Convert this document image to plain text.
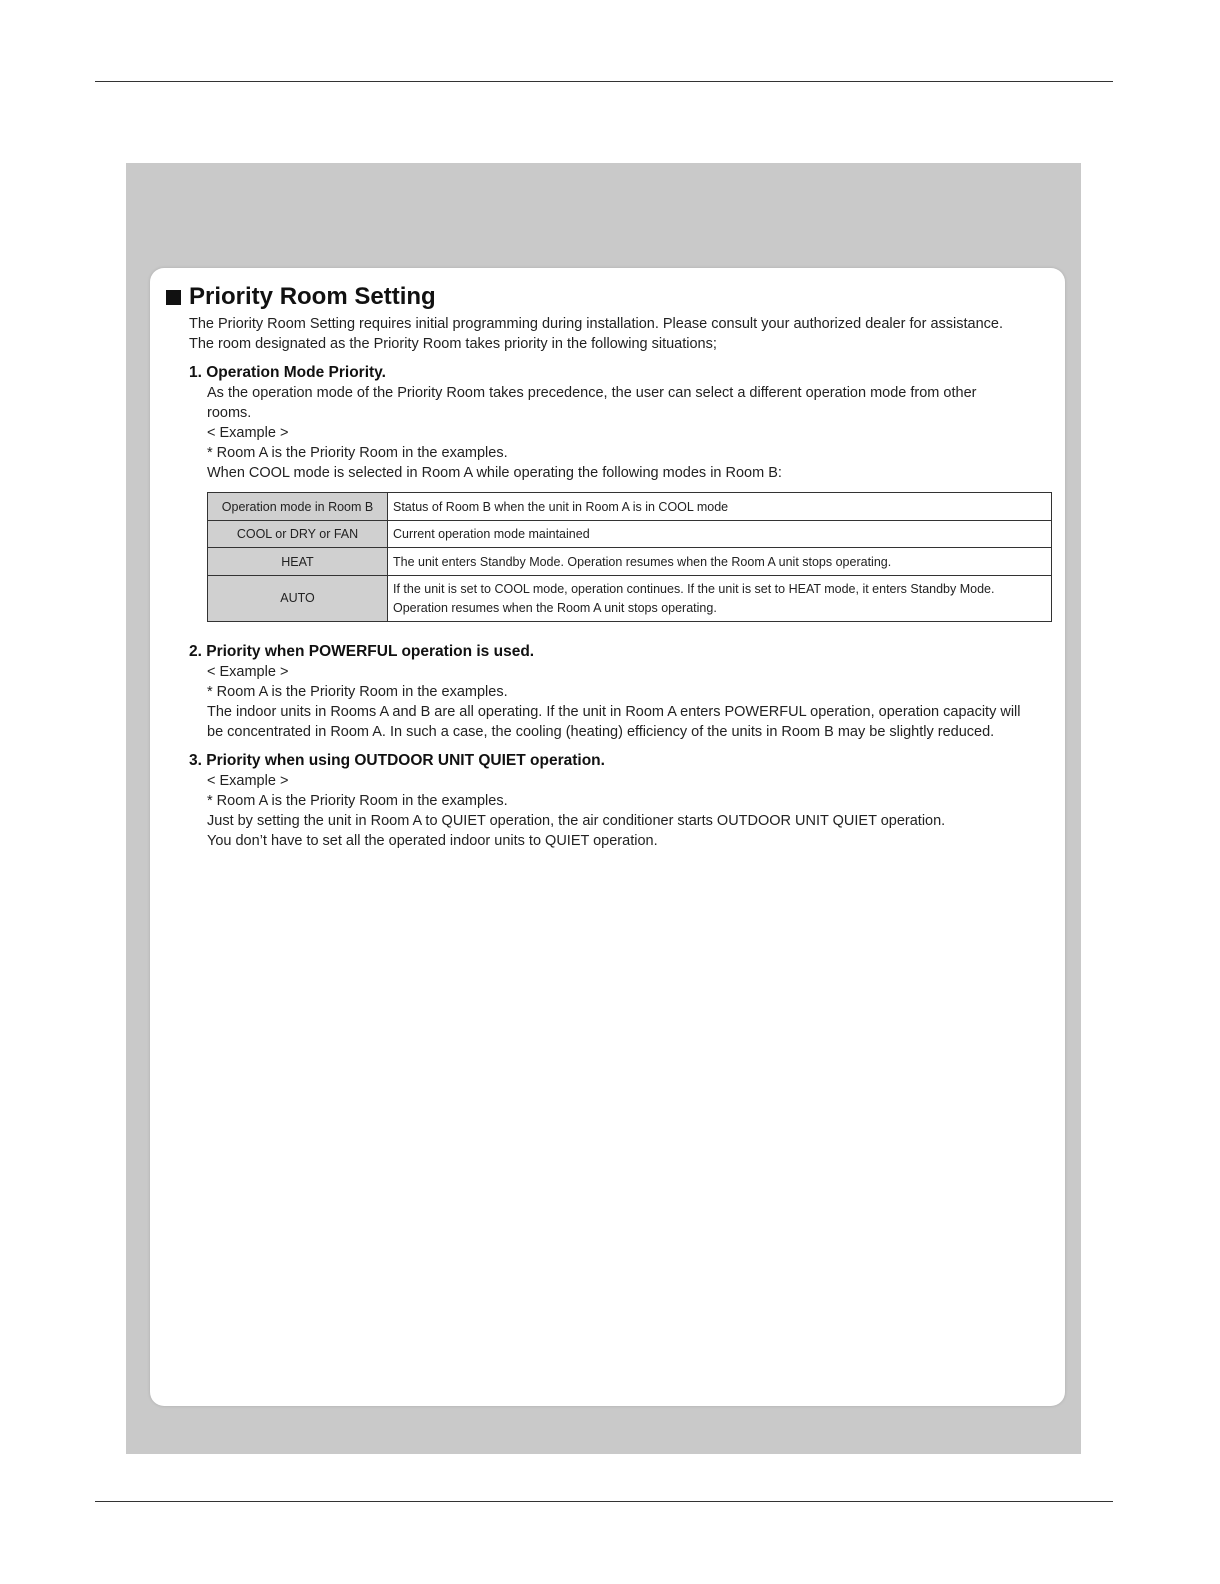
Priority Room Setting
The Priority Room Setting requires initial programming during installation. Please consult your authorized dealer for assistance.
The room designated as the Priority Room takes priority in the following situations;
1. Operation Mode Priority.
As the operation mode of the Priority Room takes precedence, the user can select a different operation mode from other
rooms.
< Example >
* Room A is the Priority Room in the examples.
When COOL mode is selected in Room A while operating the following modes in Room B:
Operation mode in Room B	Status of Room B when the unit in Room A is in COOL mode
COOL or DRY or FAN	Current operation mode maintained
HEAT	The unit enters Standby Mode. Operation resumes when the Room A unit stops operating.
AUTO	If the unit is set to COOL mode, operation continues. If the unit is set to HEAT mode, it enters Standby Mode.
Operation resumes when the Room A unit stops operating.
2. Priority when POWERFUL operation is used.
< Example >
* Room A is the Priority Room in the examples.
The indoor units in Rooms A and B are all operating. If the unit in Room A enters POWERFUL operation, operation capacity will
be concentrated in Room A. In such a case, the cooling (heating) efficiency of the units in Room B may be slightly reduced.
3. Priority when using OUTDOOR UNIT QUIET operation.
< Example >
* Room A is the Priority Room in the examples.
Just by setting the unit in Room A to QUIET operation, the air conditioner starts OUTDOOR UNIT QUIET operation.
You don’t have to set all the operated indoor units to QUIET operation.
